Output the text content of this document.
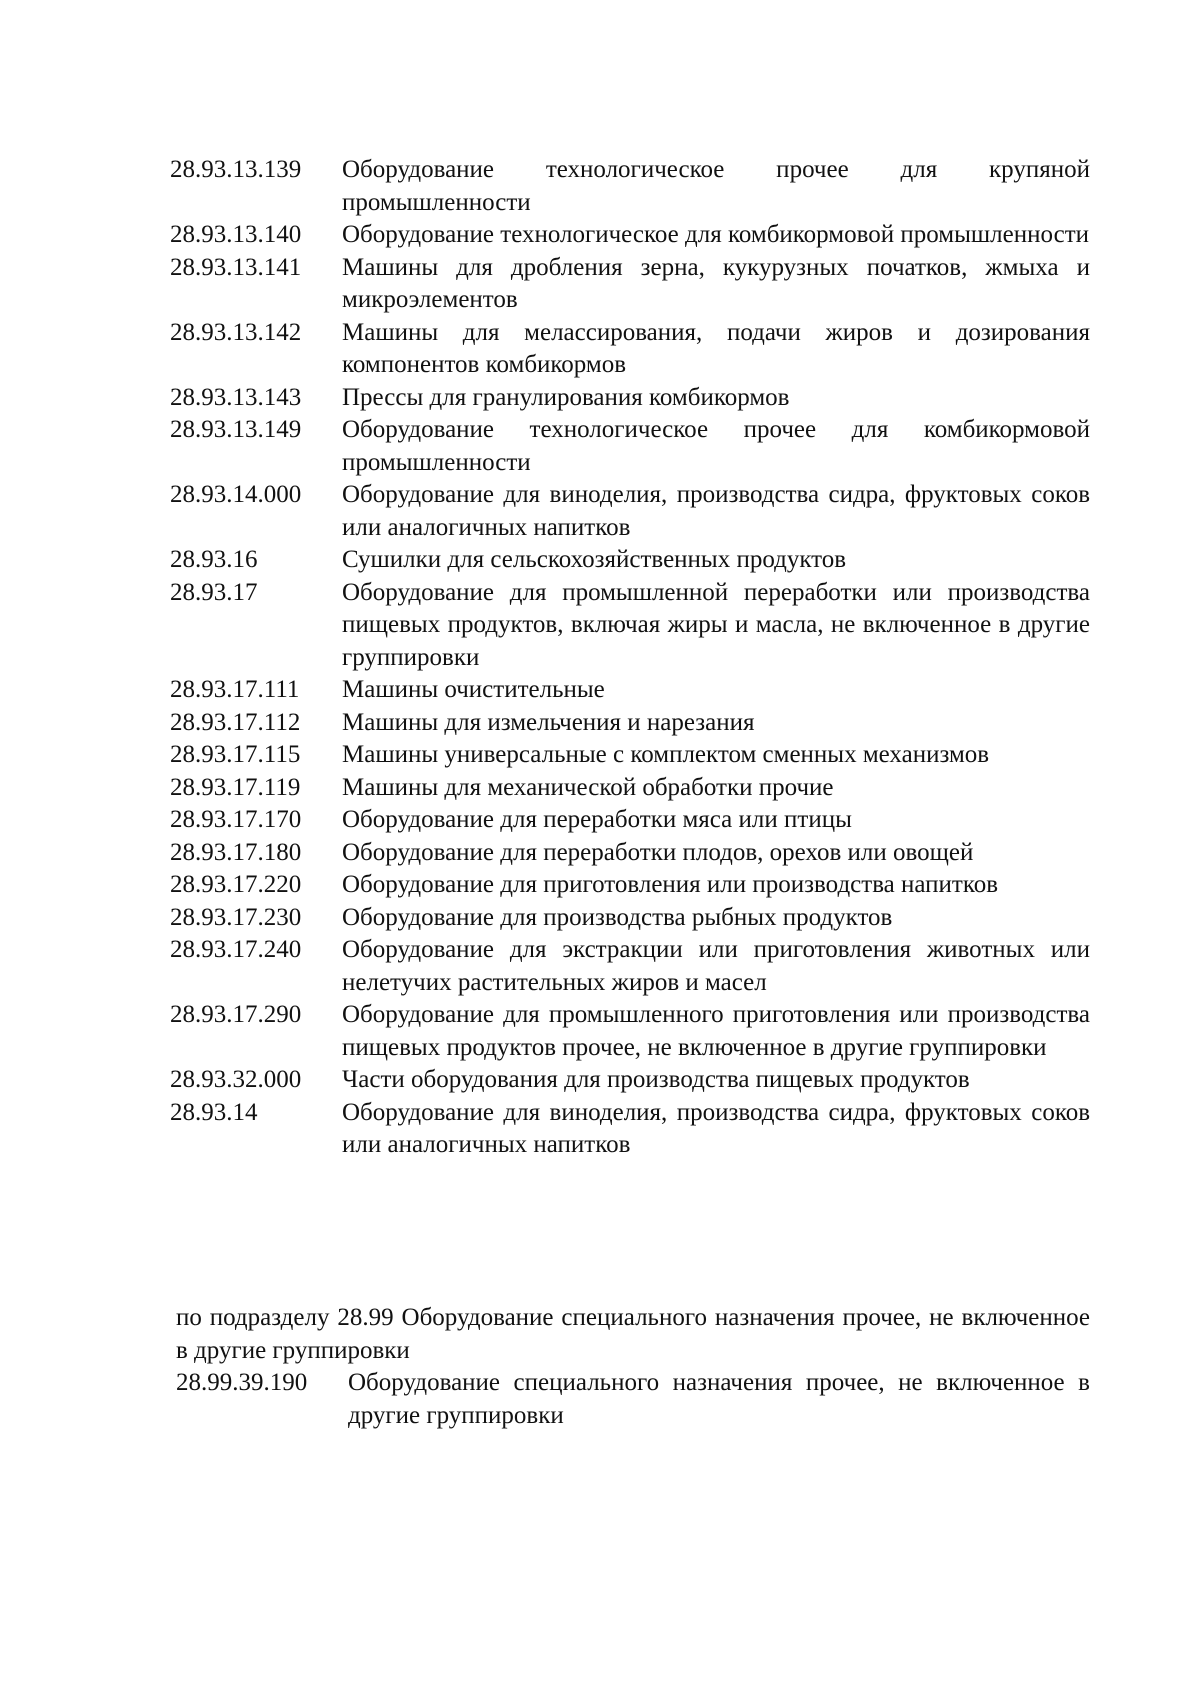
28.93.13.139	Оборудование технологическое прочее для крупяной промышленности
28.93.13.140	Оборудование технологическое для комбикормовой промышленности
28.93.13.141	Машины для дробления зерна, кукурузных початков, жмыха и микроэлементов
28.93.13.142	Машины для мелассирования, подачи жиров и дозирования компонентов комбикормов
28.93.13.143	Прессы для гранулирования комбикормов
28.93.13.149	Оборудование технологическое прочее для комбикормовой промышленности
28.93.14.000	Оборудование для виноделия, производства сидра, фруктовых соков или аналогичных напитков
28.93.16	Сушилки для сельскохозяйственных продуктов
28.93.17	Оборудование для промышленной переработки или производства пищевых продуктов, включая жиры и масла, не включенное в другие группировки
28.93.17.111	Машины очистительные
28.93.17.112	Машины для измельчения и нарезания
28.93.17.115	Машины универсальные с комплектом сменных механизмов
28.93.17.119	Машины для механической обработки прочие
28.93.17.170	Оборудование для переработки мяса или птицы
28.93.17.180	Оборудование для переработки плодов, орехов или овощей
28.93.17.220	Оборудование для приготовления или производства напитков
28.93.17.230	Оборудование для производства рыбных продуктов
28.93.17.240	Оборудование для экстракции или приготовления животных или нелетучих растительных жиров и масел
28.93.17.290	Оборудование для промышленного приготовления или производства пищевых продуктов прочее, не включенное в другие группировки
28.93.32.000	Части оборудования для производства пищевых продуктов
28.93.14	Оборудование для виноделия, производства сидра, фруктовых соков или аналогичных напитков
по подразделу 28.99 Оборудование специального назначения прочее, не включенное в другие группировки
28.99.39.190	Оборудование специального назначения прочее, не включенное в другие группировки
